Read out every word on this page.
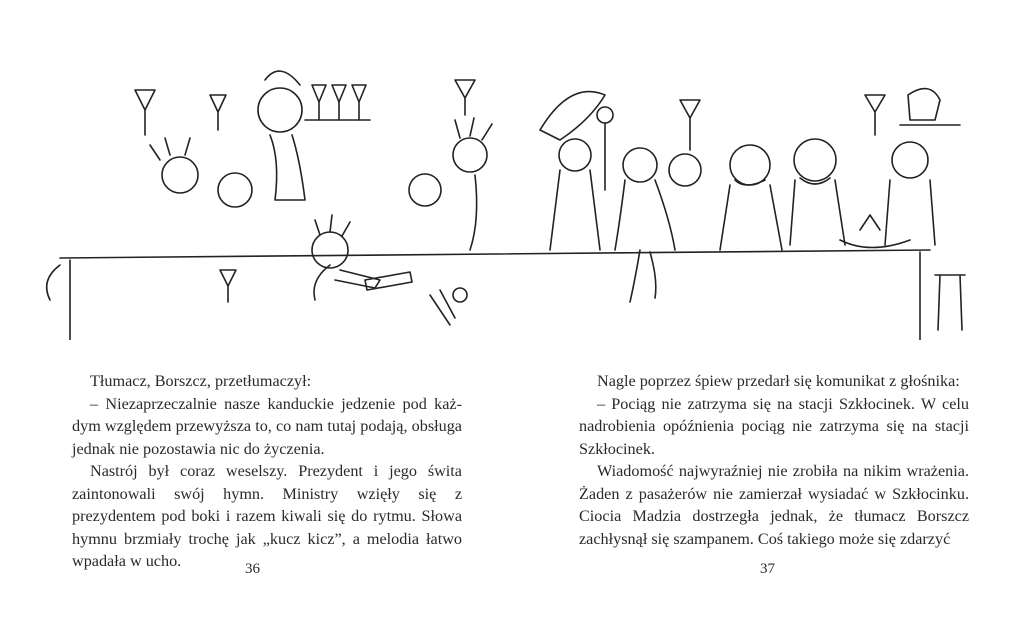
Tłumacz, Borszcz, przetłumaczył:

– Niezaprzeczalnie nasze kanduckie jedzenie pod każdym względem przewyższa to, co nam tutaj podają, obsługa jednak nie pozostawia nic do życzenia.

Nastrój był coraz weselszy. Prezydent i jego świta zaintonowali swój hymn. Ministry wzięły się z prezydentem pod boki i razem kiwali się do rytmu. Słowa hymnu brzmiały trochę jak „kucz kicz”, a melodia łatwo wpadała w ucho.

Nagle poprzez śpiew przedarł się komunikat z głośnika:

– Pociąg nie zatrzyma się na stacji Szkłocinek. W celu nadrobienia opóźnienia pociąg nie zatrzyma się na stacji Szkłocinek.

Wiadomość najwyraźniej nie zrobiła na nikim wrażenia. Żaden z pasażerów nie zamierzał wysiadać w Szkłocinku. Ciocia Madzia dostrzegła jednak, że tłumacz Borszcz zachłysnął się szampanem. Coś takiego może się zdarzyć

36	37
